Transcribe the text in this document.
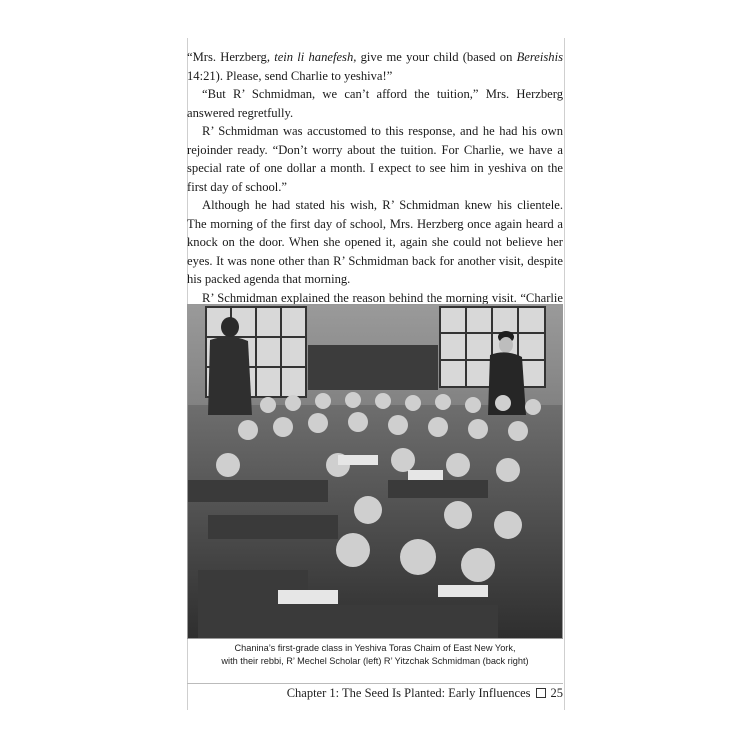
“Mrs. Herzberg, tein li hanefesh, give me your child (based on Bereishis 14:21). Please, send Charlie to yeshiva!”

“But R’ Schmidman, we can’t afford the tuition,” Mrs. Herzberg answered regretfully.

R’ Schmidman was accustomed to this response, and he had his own rejoinder ready. “Don’t worry about the tuition. For Charlie, we have a special rate of one dollar a month. I expect to see him in yeshiva on the first day of school.”

Although he had stated his wish, R’ Schmidman knew his clientele. The morning of the first day of school, Mrs. Herzberg once again heard a knock on the door. When she opened it, again she could not believe her eyes. It was none other than R’ Schmidman back for another visit, despite his packed agenda that morning.

R’ Schmidman explained the reason behind the morning visit. “Charlie

Chanina’s first-grade class in Yeshiva Toras Chaim of East New York,
with their rebbi, R’ Mechel Scholar (left) R’ Yitzchak Schmidman (back right)
Chapter 1: The Seed Is Planted: Early Influences 25
